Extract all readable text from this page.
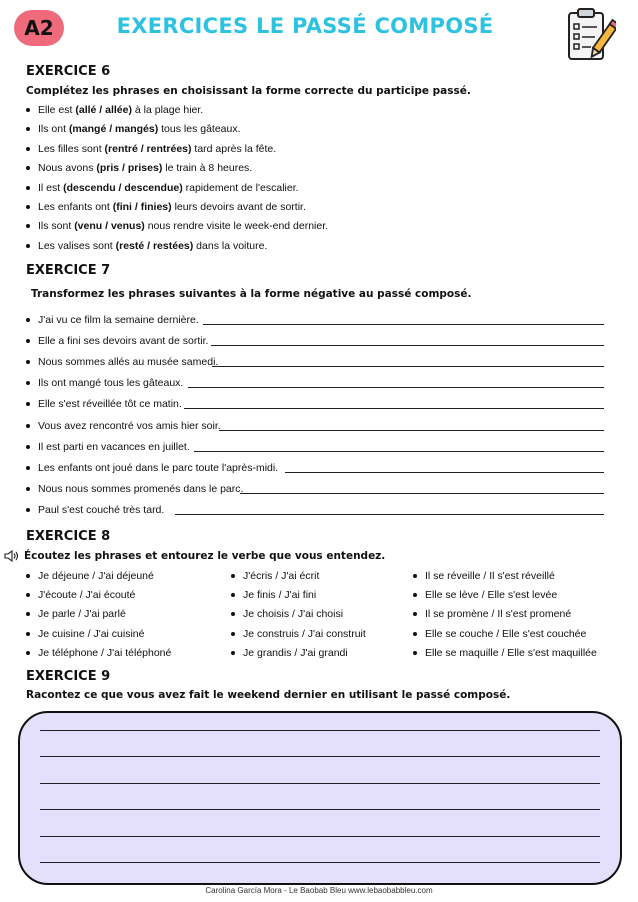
A2	EXERCICES LE PASSÉ COMPOSÉ
EXERCICE 6
Complétez les phrases en choisissant la forme correcte du participe passé.
Elle est (allé / allée) à la plage hier.
Ils ont (mangé / mangés) tous les gâteaux.
Les filles sont (rentré / rentrées) tard après la fête.
Nous avons (pris / prises) le train à 8 heures.
Il est (descendu / descendue) rapidement de l'escalier.
Les enfants ont (fini / finies) leurs devoirs avant de sortir.
Ils sont (venu / venus) nous rendre visite le week-end dernier.
Les valises sont (resté / restées) dans la voiture.
EXERCICE 7
Transformez les phrases suivantes à la forme négative au passé composé.
J'ai vu ce film la semaine dernière.
Elle a fini ses devoirs avant de sortir.
Nous sommes allés au musée samedi.
Ils ont mangé tous les gâteaux.
Elle s'est réveillée tôt ce matin.
Vous avez rencontré vos amis hier soir.
Il est parti en vacances en juillet.
Les enfants ont joué dans le parc toute l'après-midi.
Nous nous sommes promenés dans le parc.
Paul s'est couché très tard.
EXERCICE 8
Écoutez les phrases et entourez le verbe que vous entendez.
Je déjeune / J'ai déjeuné
J'écoute / J'ai écouté
Je parle / J'ai parlé
Je cuisine / J'ai cuisiné
Je téléphone / J'ai téléphoné
J'écris / J'ai écrit
Je finis / J'ai fini
Je choisis / J'ai choisi
Je construis / J'ai construit
Je grandis / J'ai grandi
Il se réveille / Il s'est réveillé
Elle se lève / Elle s'est levée
Il se promène / Il s'est promené
Elle se couche / Elle s'est couchée
Elle se maquille / Elle s'est maquillée
EXERCICE 9
Racontez ce que vous avez fait le weekend dernier en utilisant le passé composé.
Carolina García Mora - Le Baobab Bleu www.lebaobabbleu.com
